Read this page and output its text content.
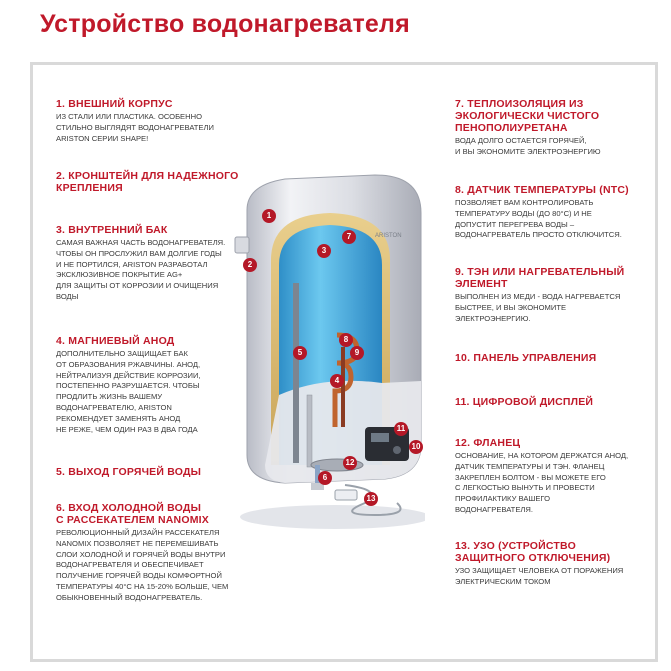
Устройство водонагревателя
1. ВНЕШНИЙ КОРПУС
ИЗ СТАЛИ ИЛИ ПЛАСТИКА. ОСОБЕННО
СТИЛЬНО ВЫГЛЯДЯТ ВОДОНАГРЕВАТЕЛИ
ARISTON СЕРИИ SHAPE!
2. КРОНШТЕЙН ДЛЯ НАДЕЖНОГО
КРЕПЛЕНИЯ
3. ВНУТРЕННИЙ БАК
САМАЯ ВАЖНАЯ ЧАСТЬ ВОДОНАГРЕВАТЕЛЯ.
ЧТОБЫ ОН ПРОСЛУЖИЛ ВАМ ДОЛГИЕ ГОДЫ
И НЕ ПОРТИЛСЯ, ARISTON РАЗРАБОТАЛ
ЭКСКЛЮЗИВНОЕ ПОКРЫТИЕ AG+
ДЛЯ ЗАЩИТЫ ОТ КОРРОЗИИ И ОЧИЩЕНИЯ
ВОДЫ
4. МАГНИЕВЫЙ АНОД
ДОПОЛНИТЕЛЬНО ЗАЩИЩАЕТ БАК
ОТ ОБРАЗОВАНИЯ РЖАВЧИНЫ. АНОД,
НЕЙТРАЛИЗУЯ ДЕЙСТВИЕ КОРРОЗИИ,
ПОСТЕПЕННО РАЗРУШАЕТСЯ. ЧТОБЫ
ПРОДЛИТЬ ЖИЗНЬ ВАШЕМУ
ВОДОНАГРЕВАТЕЛЮ, ARISTON
РЕКОМЕНДУЕТ ЗАМЕНЯТЬ АНОД
НЕ РЕЖЕ, ЧЕМ ОДИН РАЗ В ДВА ГОДА
5. ВЫХОД ГОРЯЧЕЙ ВОДЫ
6. ВХОД ХОЛОДНОЙ ВОДЫ
С РАССЕКАТЕЛЕМ NANOMIX
РЕВОЛЮЦИОННЫЙ ДИЗАЙН РАССЕКАТЕЛЯ
NANOMIX ПОЗВОЛЯЕТ НЕ ПЕРЕМЕШИВАТЬ
СЛОИ ХОЛОДНОЙ И ГОРЯЧЕЙ ВОДЫ ВНУТРИ
ВОДОНАГРЕВАТЕЛЯ И ОБЕСПЕЧИВАЕТ
ПОЛУЧЕНИЕ ГОРЯЧЕЙ ВОДЫ КОМФОРТНОЙ
ТЕМПЕРАТУРЫ 40°С НА 15-20% БОЛЬШЕ, ЧЕМ
ОБЫКНОВЕННЫЙ ВОДОНАГРЕВАТЕЛЬ.
7. ТЕПЛОИЗОЛЯЦИЯ ИЗ
ЭКОЛОГИЧЕСКИ ЧИСТОГО
ПЕНОПОЛИУРЕТАНА
ВОДА ДОЛГО ОСТАЕТСЯ ГОРЯЧЕЙ,
И ВЫ ЭКОНОМИТЕ ЭЛЕКТРОЭНЕРГИЮ
8. ДАТЧИК ТЕМПЕРАТУРЫ (NTC)
ПОЗВОЛЯЕТ ВАМ КОНТРОЛИРОВАТЬ
ТЕМПЕРАТУРУ ВОДЫ (ДО 80°С) И НЕ
ДОПУСТИТ ПЕРЕГРЕВА ВОДЫ –
ВОДОНАГРЕВАТЕЛЬ ПРОСТО ОТКЛЮЧИТСЯ.
9. ТЭН ИЛИ НАГРЕВАТЕЛЬНЫЙ
ЭЛЕМЕНТ
ВЫПОЛНЕН ИЗ МЕДИ - ВОДА НАГРЕВАЕТСЯ
БЫСТРЕЕ, И ВЫ ЭКОНОМИТЕ
ЭЛЕКТРОЭНЕРГИЮ.
10. ПАНЕЛЬ УПРАВЛЕНИЯ
11. ЦИФРОВОЙ ДИСПЛЕЙ
12. ФЛАНЕЦ
ОСНОВАНИЕ, НА КОТОРОМ ДЕРЖАТСЯ АНОД,
ДАТЧИК ТЕМПЕРАТУРЫ И ТЭН. ФЛАНЕЦ
ЗАКРЕПЛЕН БОЛТОМ - ВЫ МОЖЕТЕ ЕГО
С ЛЕГКОСТЬЮ ВЫНУТЬ И ПРОВЕСТИ
ПРОФИЛАКТИКУ ВАШЕГО
ВОДОНАГРЕВАТЕЛЯ.
13. УЗО (УСТРОЙСТВО
ЗАЩИТНОГО ОТКЛЮЧЕНИЯ)
УЗО ЗАЩИЩАЕТ ЧЕЛОВЕКА ОТ ПОРАЖЕНИЯ
ЭЛЕКТРИЧЕСКИМ ТОКОМ
ARISTON
1
2
3
4
5
6
7
8
9
10
11
12
13
